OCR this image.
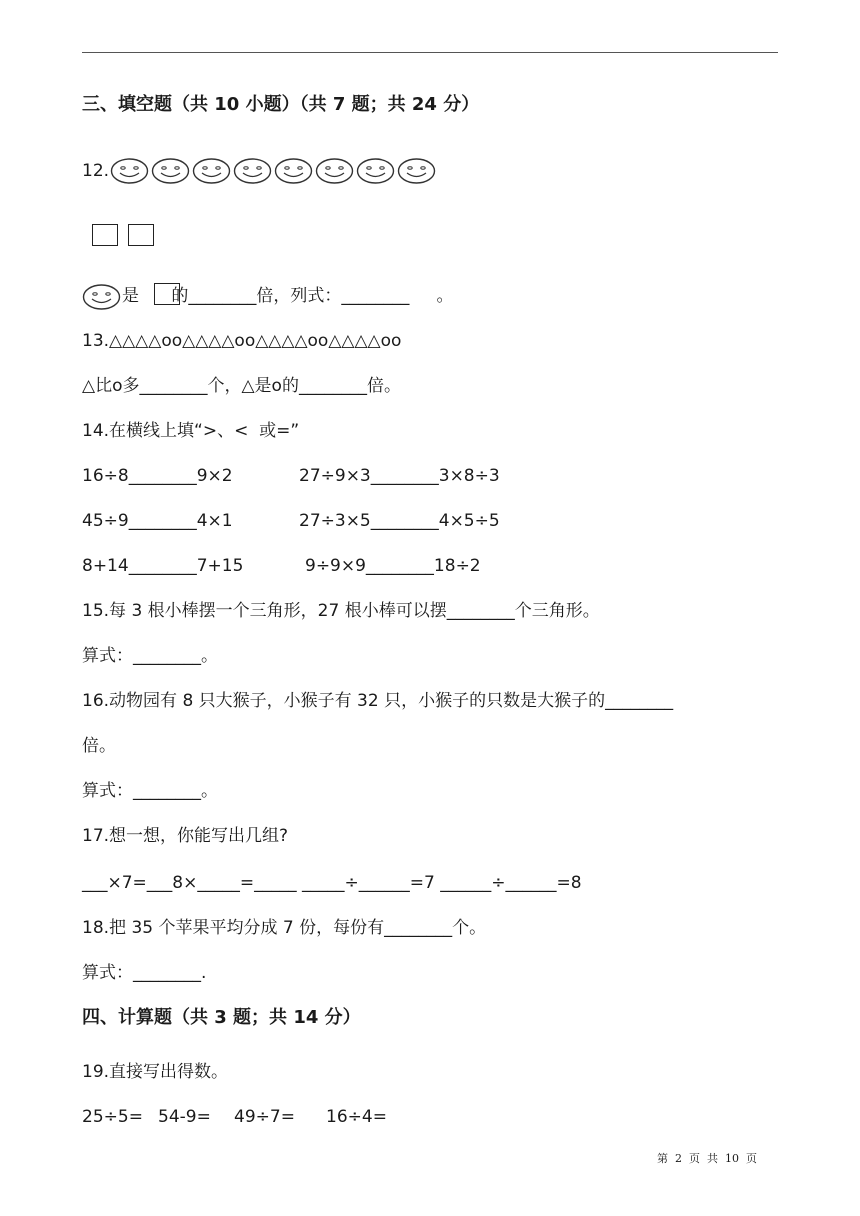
三、填空题（共 10 小题）（共 7 题；共 24 分）
12.
是      的________倍，列式：________     。
13.△△△△oo△△△△oo△△△△oo△△△△oo
△比o多________个，△是o的________倍。
14.在横线上填“>、<  或=”
16÷8________9×2	27÷9×3________3×8÷3
45÷9________4×1	27÷3×5________4×5÷5
8+14________7+15	9÷9×9________18÷2
15.每 3 根小棒摆一个三角形，27 根小棒可以摆________个三角形。
算式：________。
16.动物园有 8 只大猴子，小猴子有 32 只，小猴子的只数是大猴子的________
倍。
算式：________。
17.想一想，你能写出几组?
___×7=___8×_____=_____ _____÷______=7 ______÷______=8
18.把 35 个苹果平均分成 7 份，每份有________个。
算式：________.
四、计算题（共 3 题；共 14 分）
19.直接写出得数。
25÷5= 54-9= 49÷7= 16÷4=
第  2  页  共  10  页
